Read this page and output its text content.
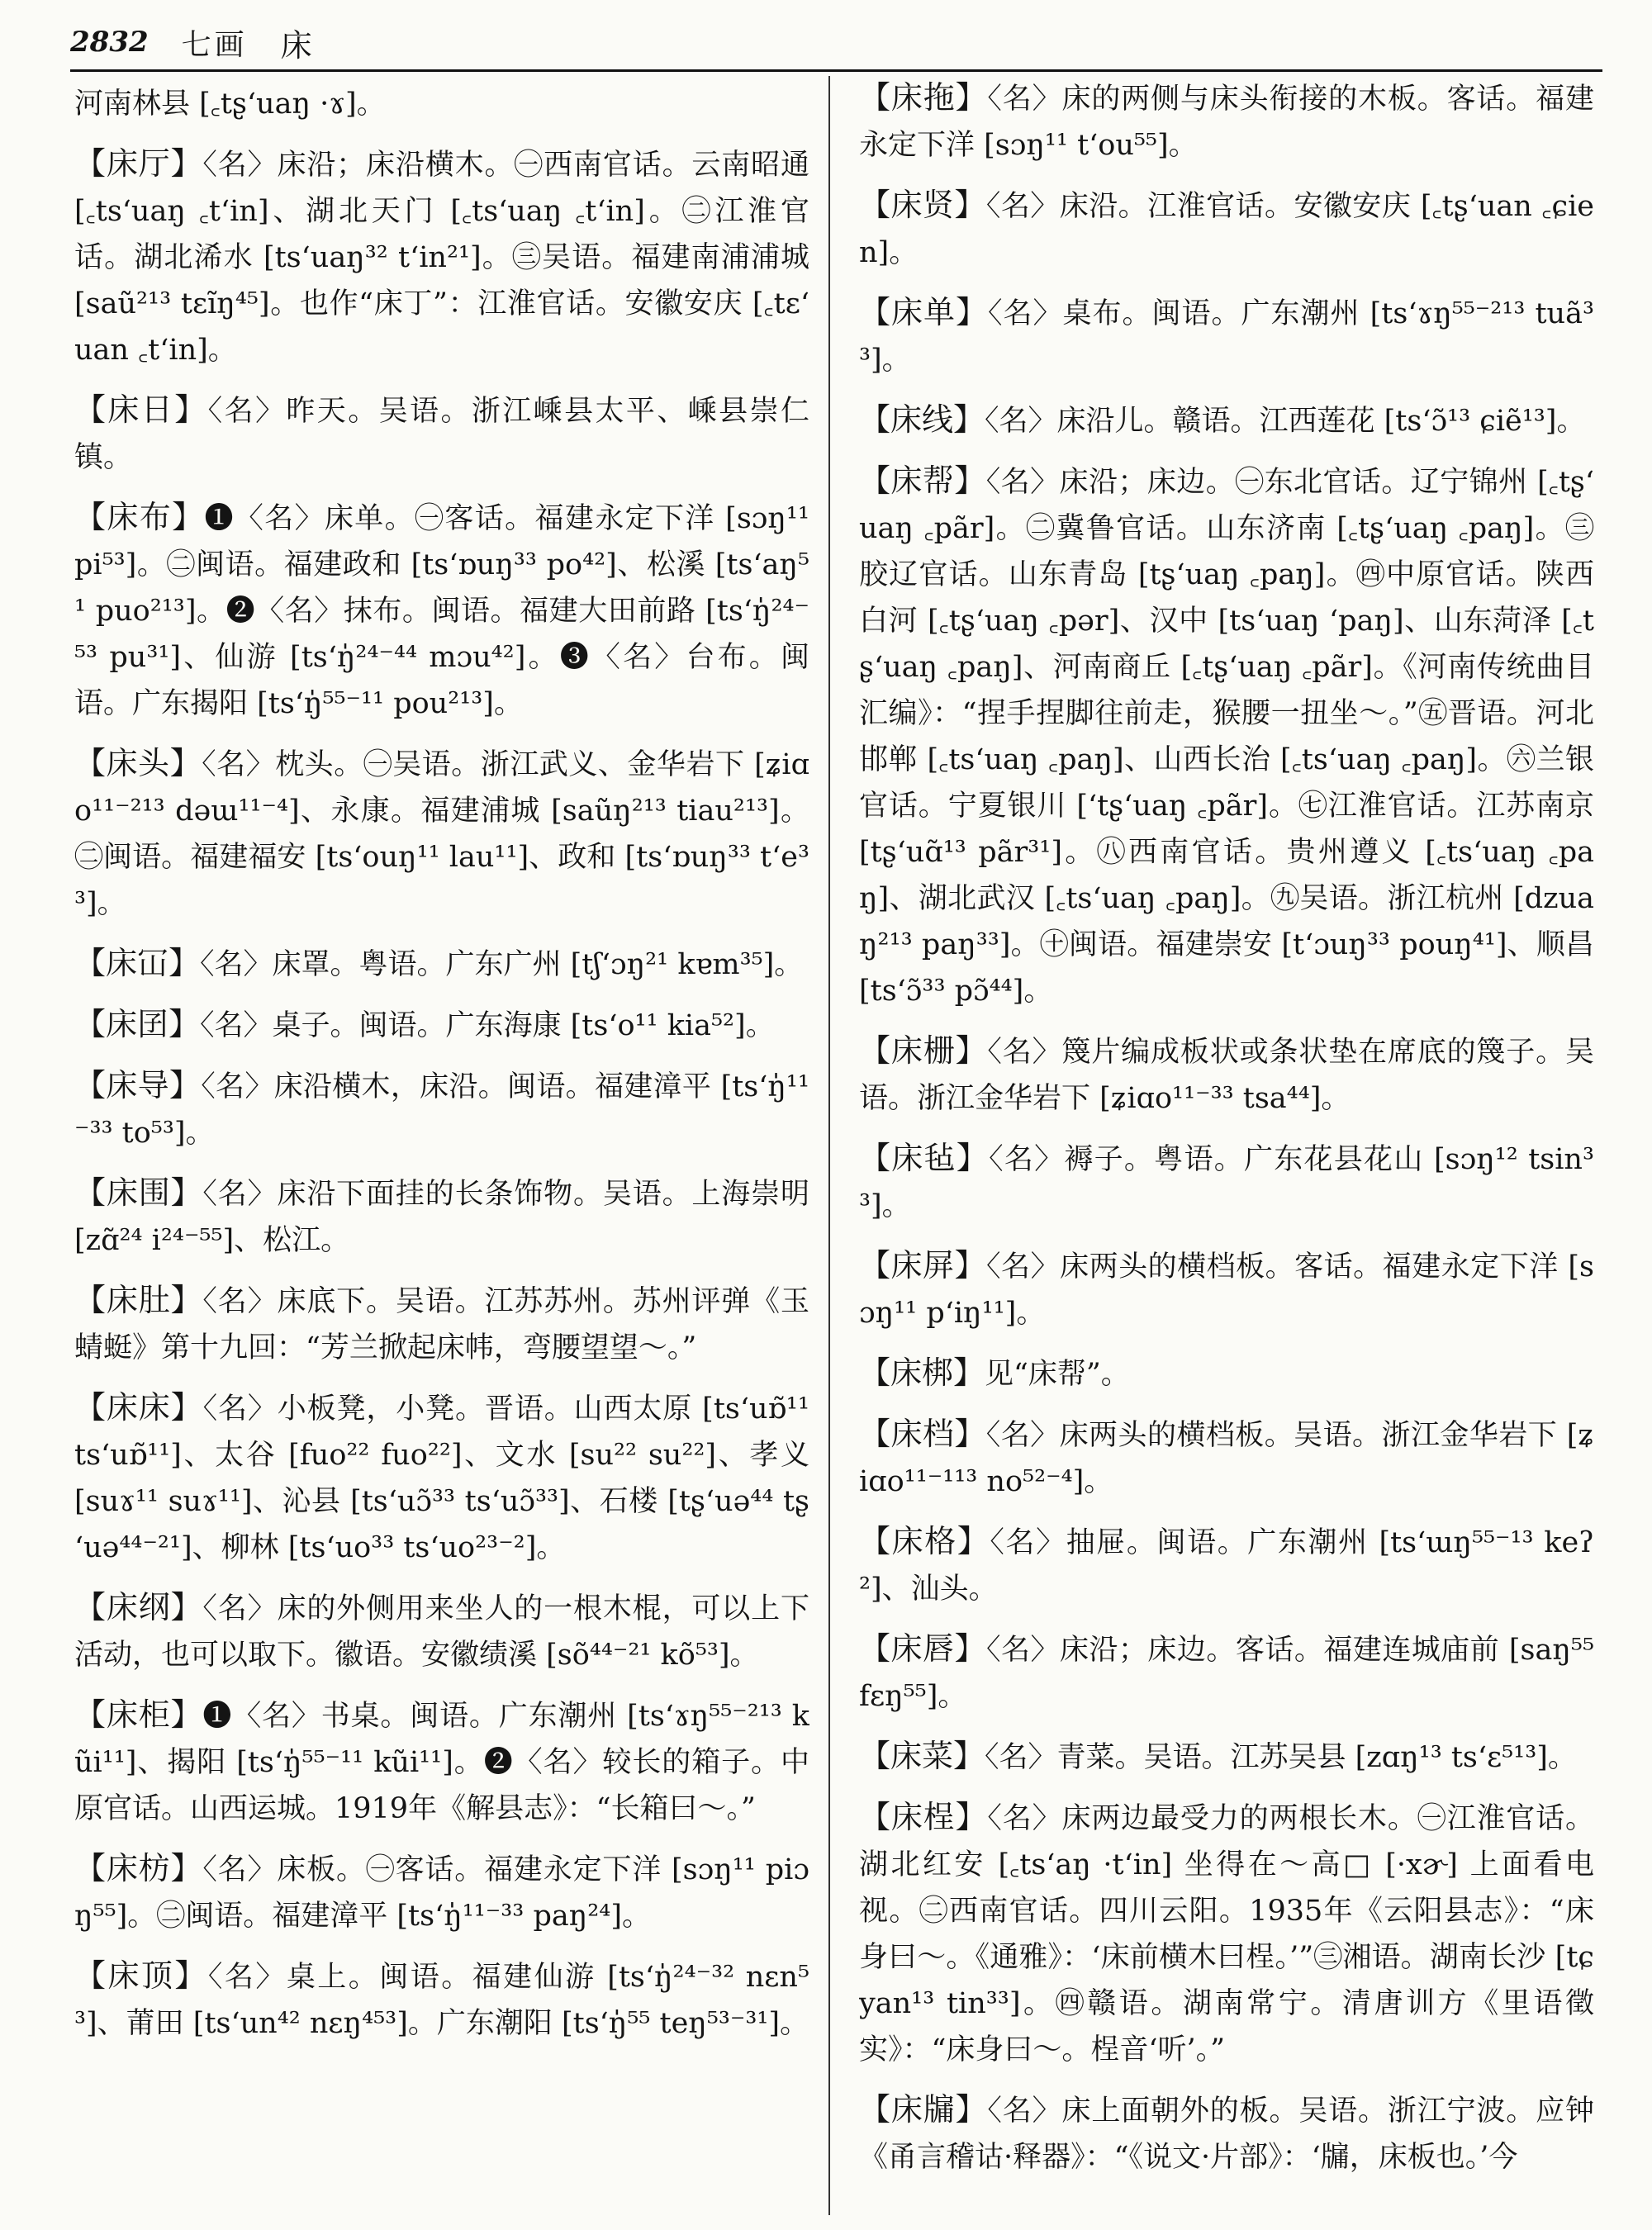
2832 七画 床

河南林县 [꜀tʂʻuaŋ ·ɤ]。

【床厅】〈名〉床沿；床沿横木。㊀西南官话。云南昭通 [꜀tsʻuaŋ ꜀tʻin]、湖北天门 [꜀tsʻuaŋ ꜀tʻin]。㊁江淮官话。湖北浠水 [tsʻuaŋ³² tʻin²¹]。㊂吴语。福建南浦浦城 [saũ²¹³ tɛĩŋ⁴⁵]。也作“床丁”：江淮官话。安徽安庆 [꜀tɛʻuan ꜀tʻin]。

【床日】〈名〉昨天。吴语。浙江嵊县太平、嵊县崇仁镇。

【床布】❶〈名〉床单。㊀客话。福建永定下洋 [sɔŋ¹¹ pi⁵³]。㊁闽语。福建政和 [tsʻɒuŋ³³ po⁴²]、松溪 [tsʻaŋ⁵¹ puo²¹³]。❷〈名〉抹布。闽语。福建大田前路 [tsʻŋ̍²⁴⁻⁵³ pu³¹]、仙游 [tsʻŋ̍²⁴⁻⁴⁴ mɔu⁴²]。❸〈名〉台布。闽语。广东揭阳 [tsʻŋ̍⁵⁵⁻¹¹ pou²¹³]。

【床头】〈名〉枕头。㊀吴语。浙江武义、金华岩下 [ʑiɑo¹¹⁻²¹³ dəɯ¹¹⁻⁴]、永康。福建浦城 [saũŋ²¹³ tiau²¹³]。㊁闽语。福建福安 [tsʻouŋ¹¹ lau¹¹]、政和 [tsʻɒuŋ³³ tʻe³³]。

【床冚】〈名〉床罩。粤语。广东广州 [tʃʻɔŋ²¹ kɐm³⁵]。

【床囝】〈名〉桌子。闽语。广东海康 [tsʻo¹¹ kia⁵²]。

【床导】〈名〉床沿横木，床沿。闽语。福建漳平 [tsʻŋ̍¹¹⁻³³ to⁵³]。

【床围】〈名〉床沿下面挂的长条饰物。吴语。上海崇明 [zɑ̃²⁴ i²⁴⁻⁵⁵]、松江。

【床肚】〈名〉床底下。吴语。江苏苏州。苏州评弹《玉蜻蜓》第十九回：“芳兰掀起床帏，弯腰望望～。”

【床床】〈名〉小板凳，小凳。晋语。山西太原 [tsʻuɒ̃¹¹ tsʻuɒ̃¹¹]、太谷 [fuo²² fuo²²]、文水 [su²² su²²]、孝义 [suɤ¹¹ suɤ¹¹]、沁县 [tsʻuɔ̃³³ tsʻuɔ̃³³]、石楼 [tʂʻuə⁴⁴ tʂʻuə⁴⁴⁻²¹]、柳林 [tsʻuo³³ tsʻuo²³⁻²]。

【床纲】〈名〉床的外侧用来坐人的一根木棍，可以上下活动，也可以取下。徽语。安徽绩溪 [sõ⁴⁴⁻²¹ kõ⁵³]。

【床柜】❶〈名〉书桌。闽语。广东潮州 [tsʻɤŋ⁵⁵⁻²¹³ kũi¹¹]、揭阳 [tsʻŋ̍⁵⁵⁻¹¹ kũi¹¹]。❷〈名〉较长的箱子。中原官话。山西运城。1919年《解县志》：“长箱曰～。”

【床枋】〈名〉床板。㊀客话。福建永定下洋 [sɔŋ¹¹ piɔŋ⁵⁵]。㊁闽语。福建漳平 [tsʻŋ̍¹¹⁻³³ paŋ²⁴]。

【床顶】〈名〉桌上。闽语。福建仙游 [tsʻŋ̍²⁴⁻³² nɛn⁵³]、莆田 [tsʻun⁴² nɛŋ⁴⁵³]。广东潮阳 [tsʻŋ̍⁵⁵ teŋ⁵³⁻³¹]。

【床拖】〈名〉床的两侧与床头衔接的木板。客话。福建永定下洋 [sɔŋ¹¹ tʻou⁵⁵]。

【床贤】〈名〉床沿。江淮官话。安徽安庆 [꜀tʂʻuan ꜀ɕien]。

【床单】〈名〉桌布。闽语。广东潮州 [tsʻɤŋ⁵⁵⁻²¹³ tuã³³]。

【床线】〈名〉床沿儿。赣语。江西莲花 [tsʻɔ̃¹³ ɕiẽ¹³]。

【床帮】〈名〉床沿；床边。㊀东北官话。辽宁锦州 [꜀tʂʻuaŋ ꜀pãr]。㊁冀鲁官话。山东济南 [꜀tʂʻuaŋ ꜀paŋ]。㊂胶辽官话。山东青岛 [tʂʻuaŋ ꜀paŋ]。㊃中原官话。陕西白河 [꜀tʂʻuaŋ ꜀pər]、汉中 [tsʻuaŋ ʻpaŋ]、山东菏泽 [꜀tʂʻuaŋ ꜀paŋ]、河南商丘 [꜀tʂʻuaŋ ꜀pãr]。《河南传统曲目汇编》：“捏手捏脚往前走，猴腰一扭坐～。”㊄晋语。河北邯郸 [꜀tsʻuaŋ ꜀paŋ]、山西长治 [꜀tsʻuaŋ ꜀paŋ]。㊅兰银官话。宁夏银川 [ʻtʂʻuaŋ ꜀pãr]。㊆江淮官话。江苏南京 [tʂʻuɑ̃¹³ pãr³¹]。㊇西南官话。贵州遵义 [꜀tsʻuaŋ ꜀paŋ]、湖北武汉 [꜀tsʻuaŋ ꜀paŋ]。㊈吴语。浙江杭州 [dzuaŋ²¹³ paŋ³³]。㊉闽语。福建崇安 [tʻɔuŋ³³ pouŋ⁴¹]、顺昌 [tsʻɔ̃³³ pɔ̃⁴⁴]。

【床栅】〈名〉篾片编成板状或条状垫在席底的篾子。吴语。浙江金华岩下 [ʑiɑo¹¹⁻³³ tsa⁴⁴]。

【床毡】〈名〉褥子。粤语。广东花县花山 [sɔŋ¹² tsin³³]。

【床屏】〈名〉床两头的横档板。客话。福建永定下洋 [sɔŋ¹¹ pʻiŋ¹¹]。

【床梆】见“床帮”。

【床档】〈名〉床两头的横档板。吴语。浙江金华岩下 [ʑiɑo¹¹⁻¹¹³ no⁵²⁻⁴]。

【床格】〈名〉抽屉。闽语。广东潮州 [tsʻɯŋ⁵⁵⁻¹³ keʔ²]、汕头。

【床唇】〈名〉床沿；床边。客话。福建连城庙前 [saŋ⁵⁵ fɛŋ⁵⁵]。

【床菜】〈名〉青菜。吴语。江苏吴县 [zɑŋ¹³ tsʻɛ⁵¹³]。

【床桯】〈名〉床两边最受力的两根长木。㊀江淮官话。湖北红安 [꜀tsʻaŋ ·tʻin] 坐得在～高□ [·xɚ] 上面看电视。㊁西南官话。四川云阳。1935年《云阳县志》：“床身曰～。《通雅》：‘床前横木曰桯。’”㊂湘语。湖南长沙 [tɕyan¹³ tin³³]。㊃赣语。湖南常宁。清唐训方《里语徵实》：“床身曰～。桯音‘听’。”

【床牖】〈名〉床上面朝外的板。吴语。浙江宁波。应钟《甬言稽诂·释器》：“《说文·片部》：‘牖，床板也。’今
